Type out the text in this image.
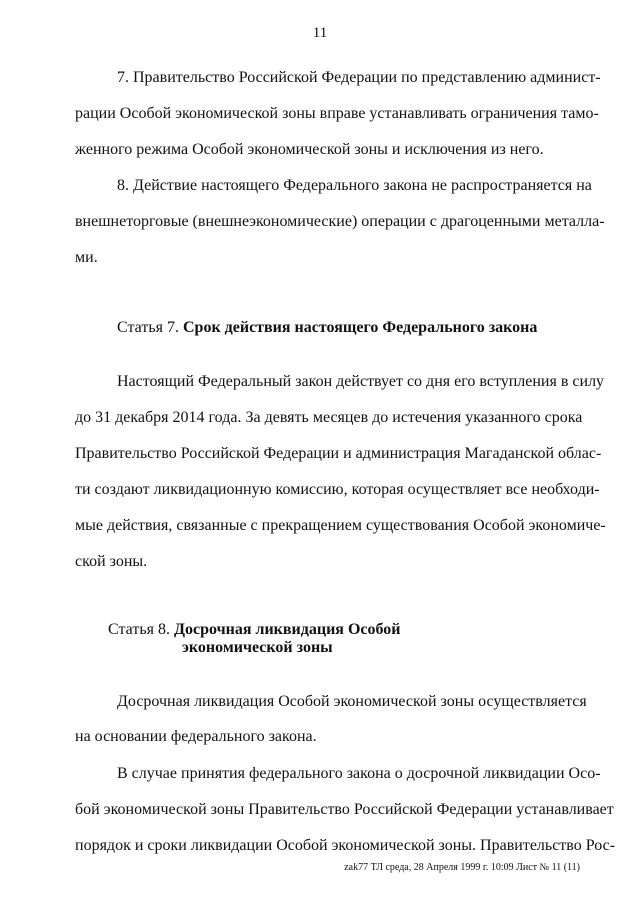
11
7. Правительство Российской Федерации по представлению админист-
рации Особой экономической зоны вправе устанавливать ограничения тамо-
женного режима Особой экономической зоны и исключения из него.
8. Действие настоящего Федерального закона не распространяется на
внешнеторговые (внешнеэкономические) операции с драгоценными металла-
ми.
Статья 7. Срок действия настоящего Федерального закона
Настоящий Федеральный закон действует со дня его вступления в силу
до 31 декабря 2014 года. За девять месяцев до истечения указанного срока
Правительство Российской Федерации и администрация Магаданской облас-
ти создают ликвидационную комиссию, которая осуществляет все необходи-
мые действия, связанные с прекращением существования Особой экономиче-
ской зоны.
Статья 8. Досрочная ликвидация Особой
экономической зоны
Досрочная ликвидация Особой экономической зоны осуществляется
на основании федерального закона.
В случае принятия федерального закона о досрочной ликвидации Осо-
бой экономической зоны Правительство Российской Федерации устанавливает
порядок и сроки ликвидации Особой экономической зоны. Правительство Рос-
zak77 ТЛ среда, 28 Апреля 1999 г. 10:09 Лист № 11 (11)
